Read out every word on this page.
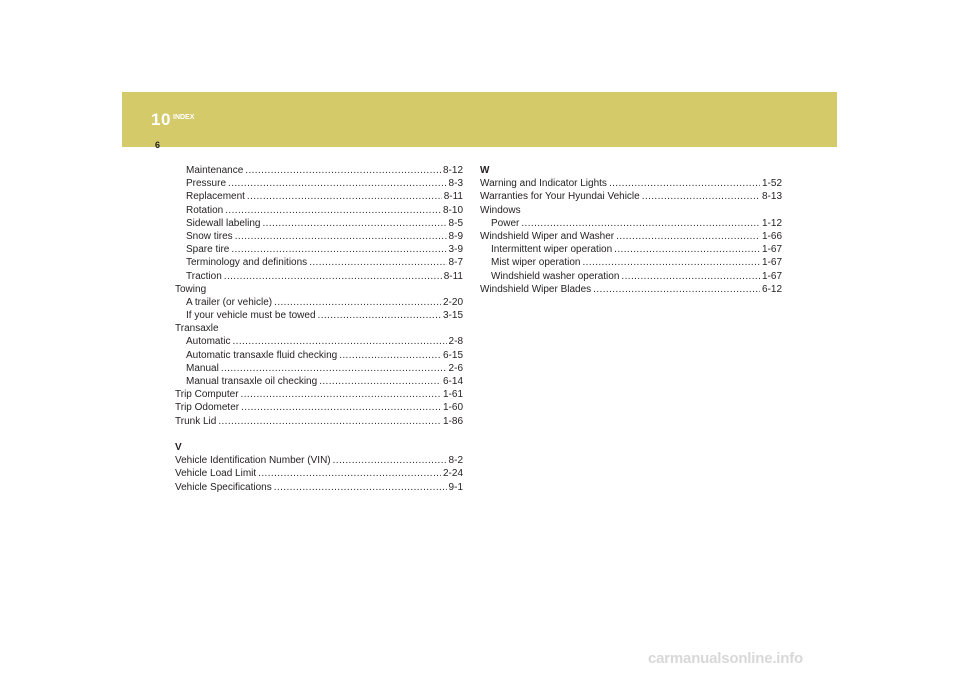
10 INDEX
6
Maintenance .....	8-12
Pressure .....	8-3
Replacement .....	8-11
Rotation .....	8-10
Sidewall labeling .....	8-5
Snow tires .....	8-9
Spare tire .....	3-9
Terminology and definitions .....	8-7
Traction .....	8-11
Towing
A trailer (or vehicle) .....	2-20
If your vehicle must be towed .....	3-15
Transaxle
Automatic .....	2-8
Automatic transaxle fluid checking .....	6-15
Manual .....	2-6
Manual transaxle oil checking .....	6-14
Trip Computer .....	1-61
Trip Odometer .....	1-60
Trunk Lid .....	1-86
V
Vehicle Identification Number (VIN) .....	8-2
Vehicle Load Limit .....	2-24
Vehicle Specifications .....	9-1
W
Warning and Indicator Lights .....	1-52
Warranties for Your Hyundai Vehicle .....	8-13
Windows
Power .....	1-12
Windshield Wiper and Washer .....	1-66
Intermittent wiper operation .....	1-67
Mist wiper operation .....	1-67
Windshield washer operation .....	1-67
Windshield Wiper Blades .....	6-12
carmanualsonline.info
